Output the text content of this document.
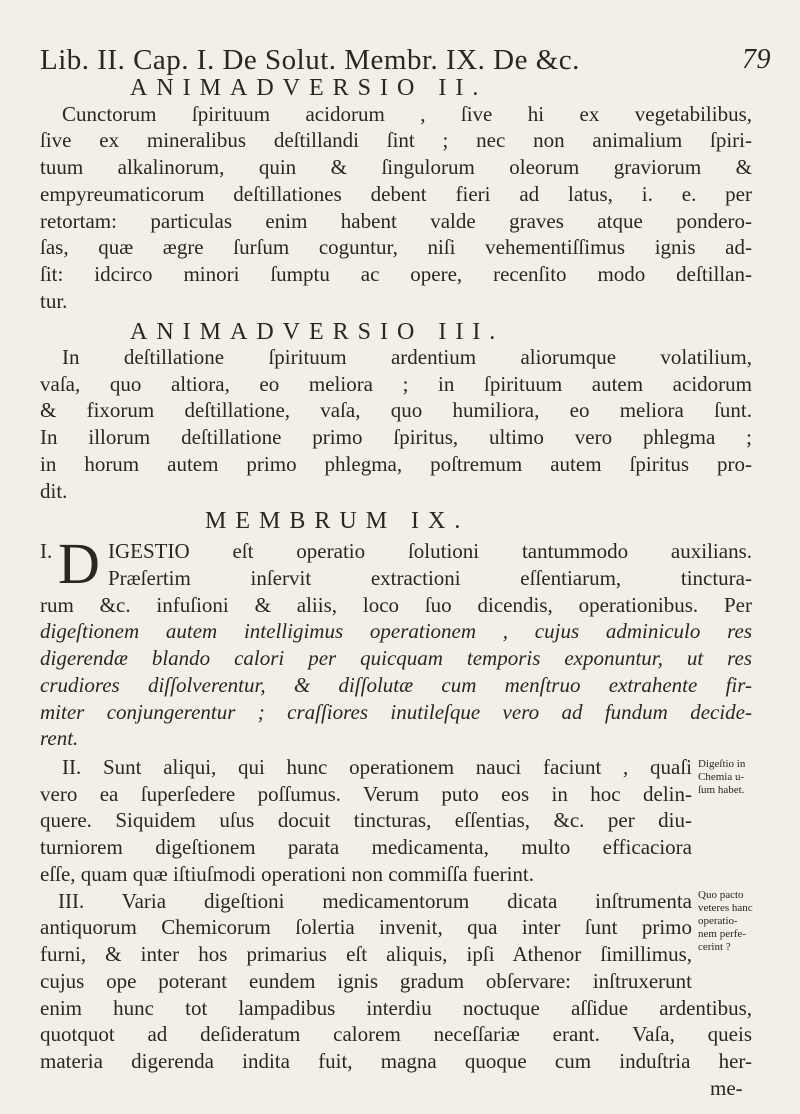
Lib. II. Cap. I. De Solut. Membr. IX. De &c.	79
ANIMADVERSIO II.
Cunctorum ſpirituum acidorum , ſive hi ex vegetabilibus,
ſive ex mineralibus deſtillandi ſint ; nec non animalium ſpiri-
tuum alkalinorum, quin & ſingulorum oleorum graviorum &
empyreumaticorum deſtillationes debent fieri ad latus, i. e. per
retortam: particulas enim habent valde graves atque pondero-
ſas, quæ ægre ſurſum coguntur, niſi vehementiſſimus ignis ad-
ſit: idcirco minori ſumptu ac opere, recenſito modo deſtillan-
tur.
ANIMADVERSIO III.
In deſtillatione ſpirituum ardentium aliorumque volatilium,
vaſa, quo altiora, eo meliora ; in ſpirituum autem acidorum
& fixorum deſtillatione, vaſa, quo humiliora, eo meliora ſunt.
In illorum deſtillatione primo ſpiritus, ultimo vero phlegma ;
in horum autem primo phlegma, poſtremum autem ſpiritus pro-
dit.
MEMBRUM IX.
I. D IGESTIO eſt operatio ſolutioni tantummodo auxilians.
Præſertim inſervit extractioni eſſentiarum, tinctura-
rum &c. infuſioni & aliis, loco ſuo dicendis, operationibus. Per
digeſtionem autem intelligimus operationem , cujus adminiculo res
digerendæ blando calori per quicquam temporis exponuntur, ut res
crudiores diſſolverentur, & diſſolutæ cum menſtruo extrahente fir-
miter conjungerentur ; craſſiores inutileſque vero ad fundum decide-
rent.
II. Sunt aliqui, qui hunc operationem nauci faciunt , quaſi
vero ea ſuperſedere poſſumus. Verum puto eos in hoc delin-
quere. Siquidem uſus docuit tincturas, eſſentias, &c. per diu-
turniorem digeſtionem parata medicamenta, multo efficaciora
eſſe, quam quæ iſtiuſmodi operationi non commiſſa fuerint.
III. Varia digeſtioni medicamentorum dicata inſtrumenta
antiquorum Chemicorum ſolertia invenit, qua inter ſunt primo
furni, & inter hos primarius eſt aliquis, ipſi Athenor ſimillimus,
cujus ope poterant eundem ignis gradum obſervare: inſtruxerunt
enim hunc tot lampadibus interdiu noctuque aſſidue ardentibus,
quotquot ad deſideratum calorem neceſſariæ erant. Vaſa, queis
materia digerenda indita fuit, magna quoque cum induſtria her-
me-
Digeſtio in
Chemia u-
ſum habet.
Quo pacto
veteres hanc
operatio-
nem perfe-
cerint ?
